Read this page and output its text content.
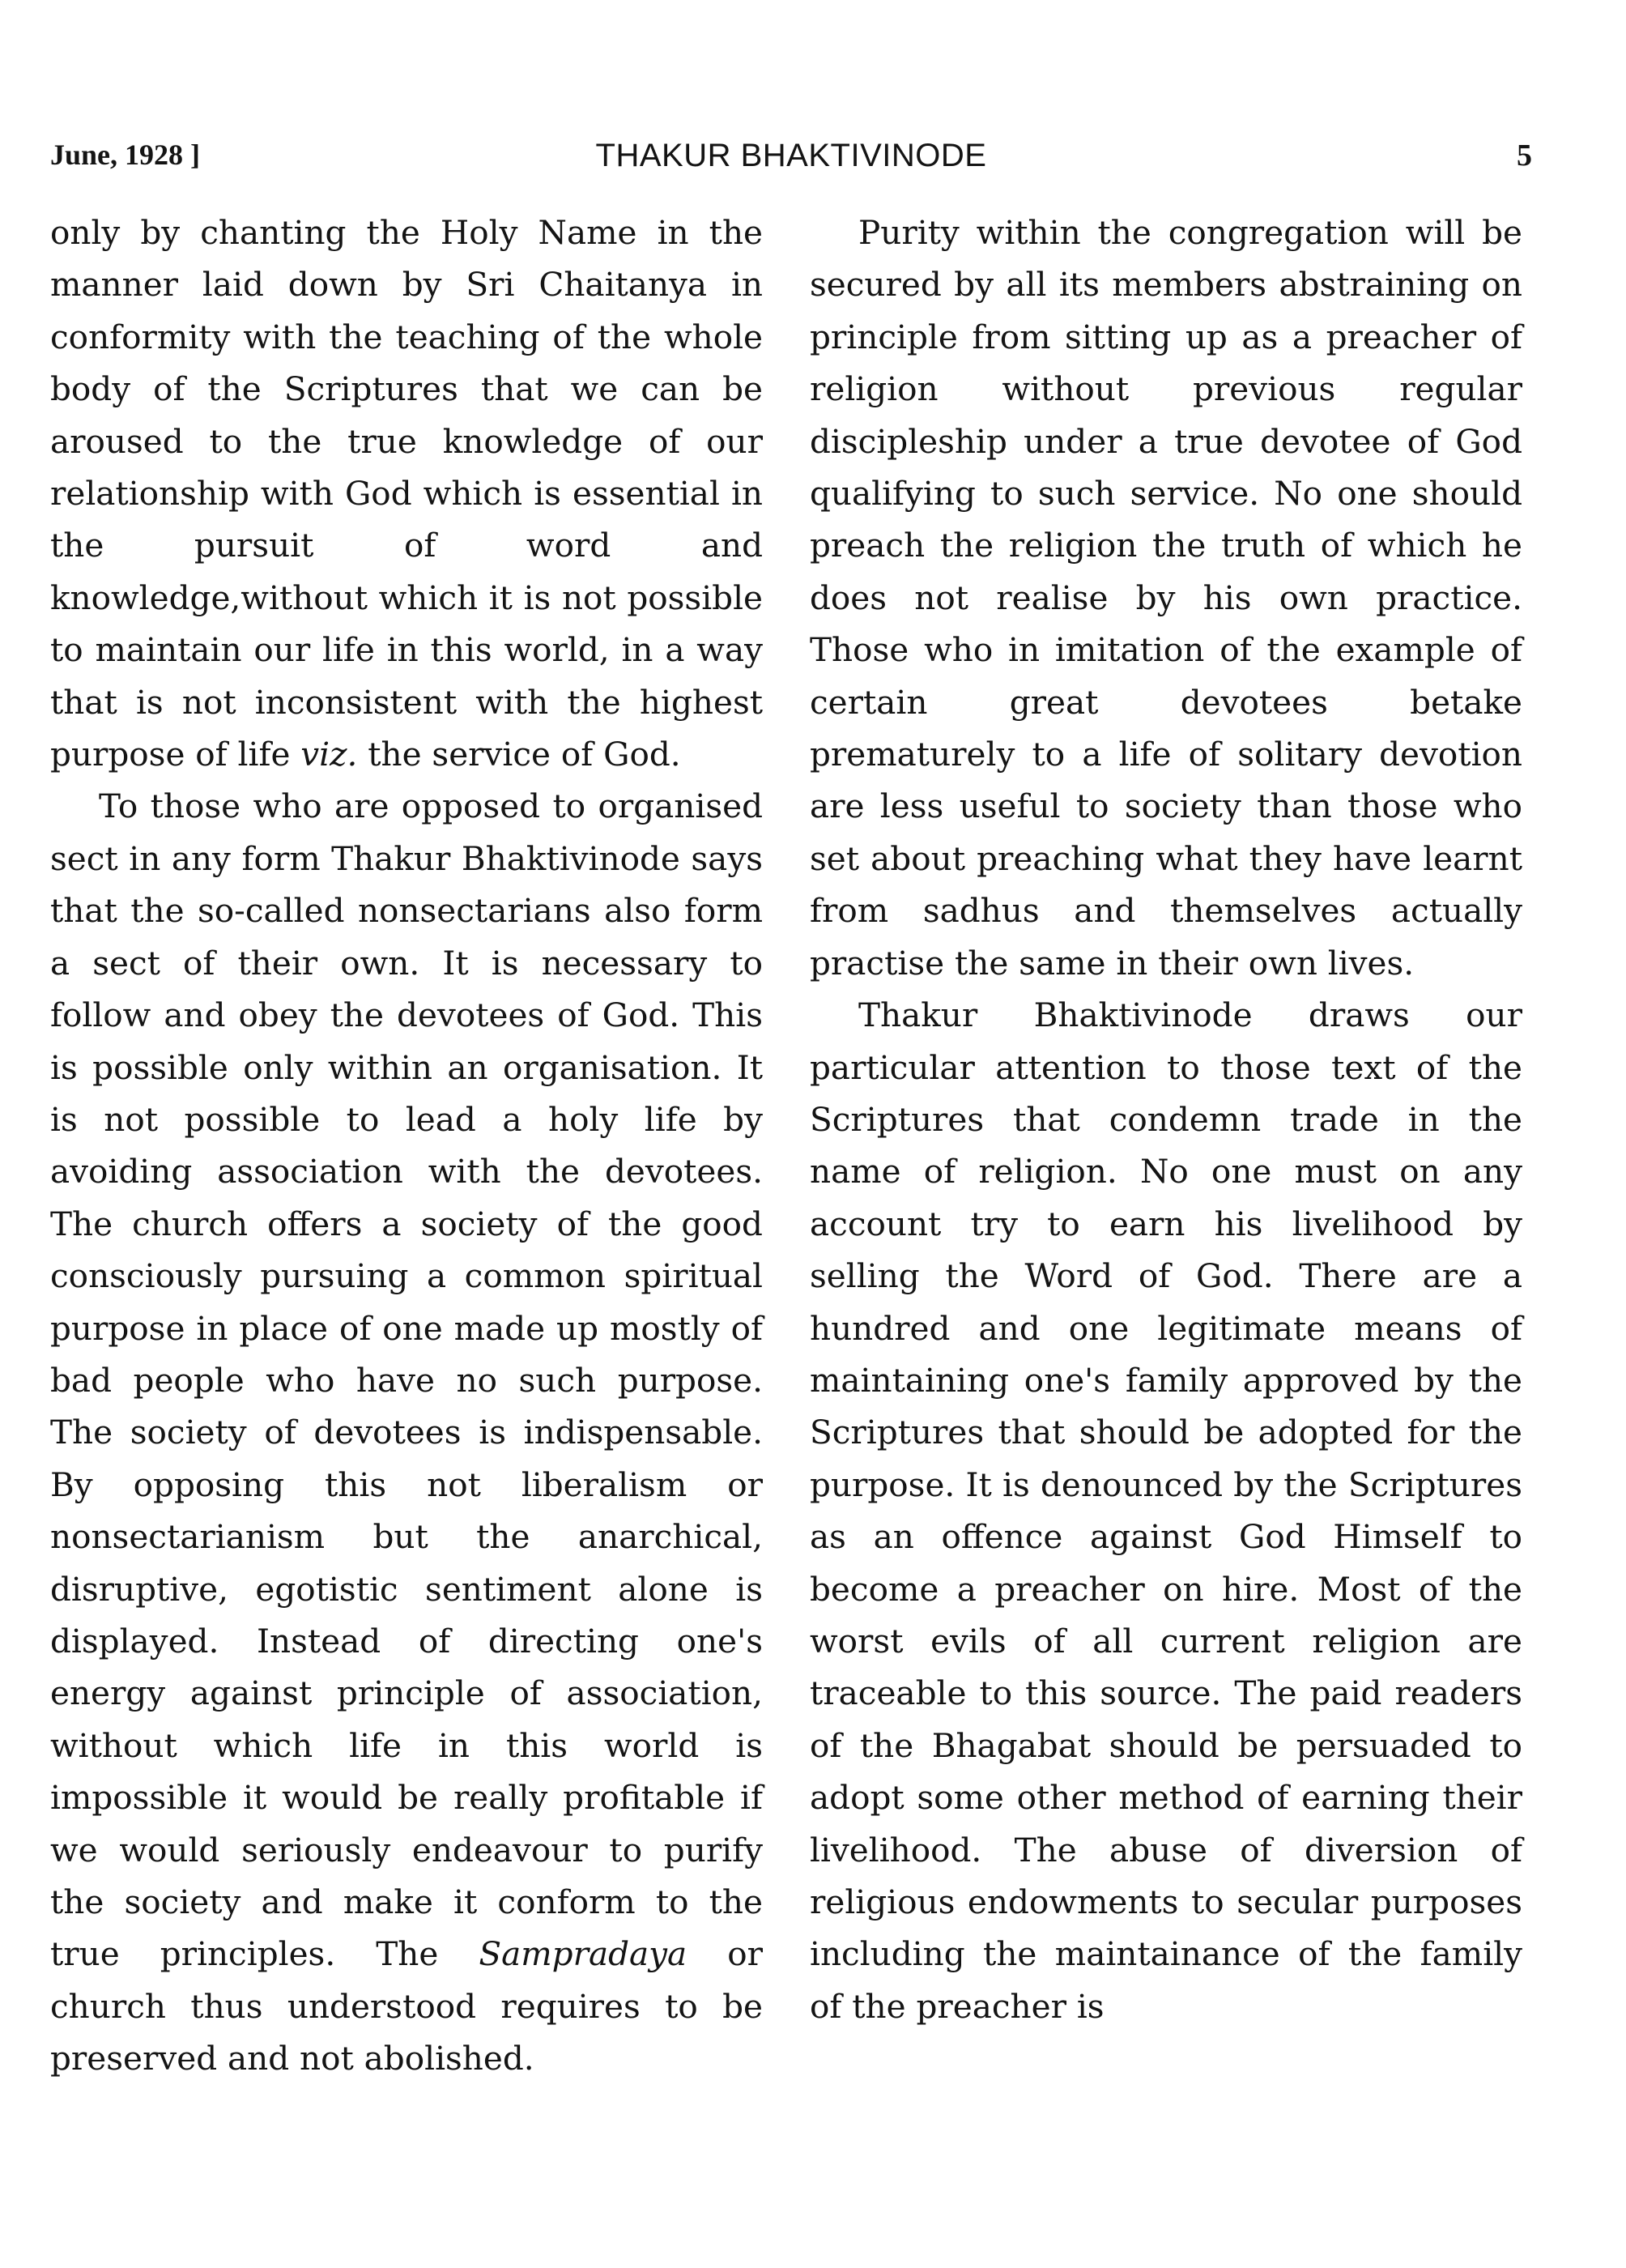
June, 1928 ]	THAKUR BHAKTIVINODE	5

only by chanting the Holy Name in the manner laid down by Sri Chaitanya in conformity with the teaching of the whole body of the Scriptures that we can be aroused to the true knowledge of our relationship with God which is essential in the pursuit of word and knowledge,without which it is not possible to maintain our life in this world, in a way that is not inconsistent with the highest purpose of life viz. the service of God.

To those who are opposed to organised sect in any form Thakur Bhaktivinode says that the so-called nonsectarians also form a sect of their own. It is necessary to follow and obey the devotees of God. This is possible only within an organisation. It is not possible to lead a holy life by avoiding association with the devotees. The church offers a society of the good consciously pursuing a common spiritual purpose in place of one made up mostly of bad people who have no such purpose. The society of devotees is indispensable. By opposing this not liberalism or nonsectarianism but the anarchical, disruptive, egotistic sentiment alone is displayed. Instead of directing one's energy against principle of association, without which life in this world is impossible it would be really profitable if we would seriously endeavour to purify the society and make it conform to the true principles. The Sampradaya or church thus understood requires to be preserved and not abolished.

Purity within the congregation will be secured by all its members abstraining on principle from sitting up as a preacher of religion without previous regular discipleship under a true devotee of God qualifying to such service. No one should preach the religion the truth of which he does not realise by his own practice. Those who in imitation of the example of certain great devotees betake prematurely to a life of solitary devotion are less useful to society than those who set about preaching what they have learnt from sadhus and themselves actually practise the same in their own lives.

Thakur Bhaktivinode draws our particular attention to those text of the Scriptures that condemn trade in the name of religion. No one must on any account try to earn his livelihood by selling the Word of God. There are a hundred and one legitimate means of maintaining one's family approved by the Scriptures that should be adopted for the purpose. It is denounced by the Scriptures as an offence against God Himself to become a preacher on hire. Most of the worst evils of all current religion are traceable to this source. The paid readers of the Bhagabat should be persuaded to adopt some other method of earning their livelihood. The abuse of diversion of religious endowments to secular purposes including the maintainance of the family of the preacher is
